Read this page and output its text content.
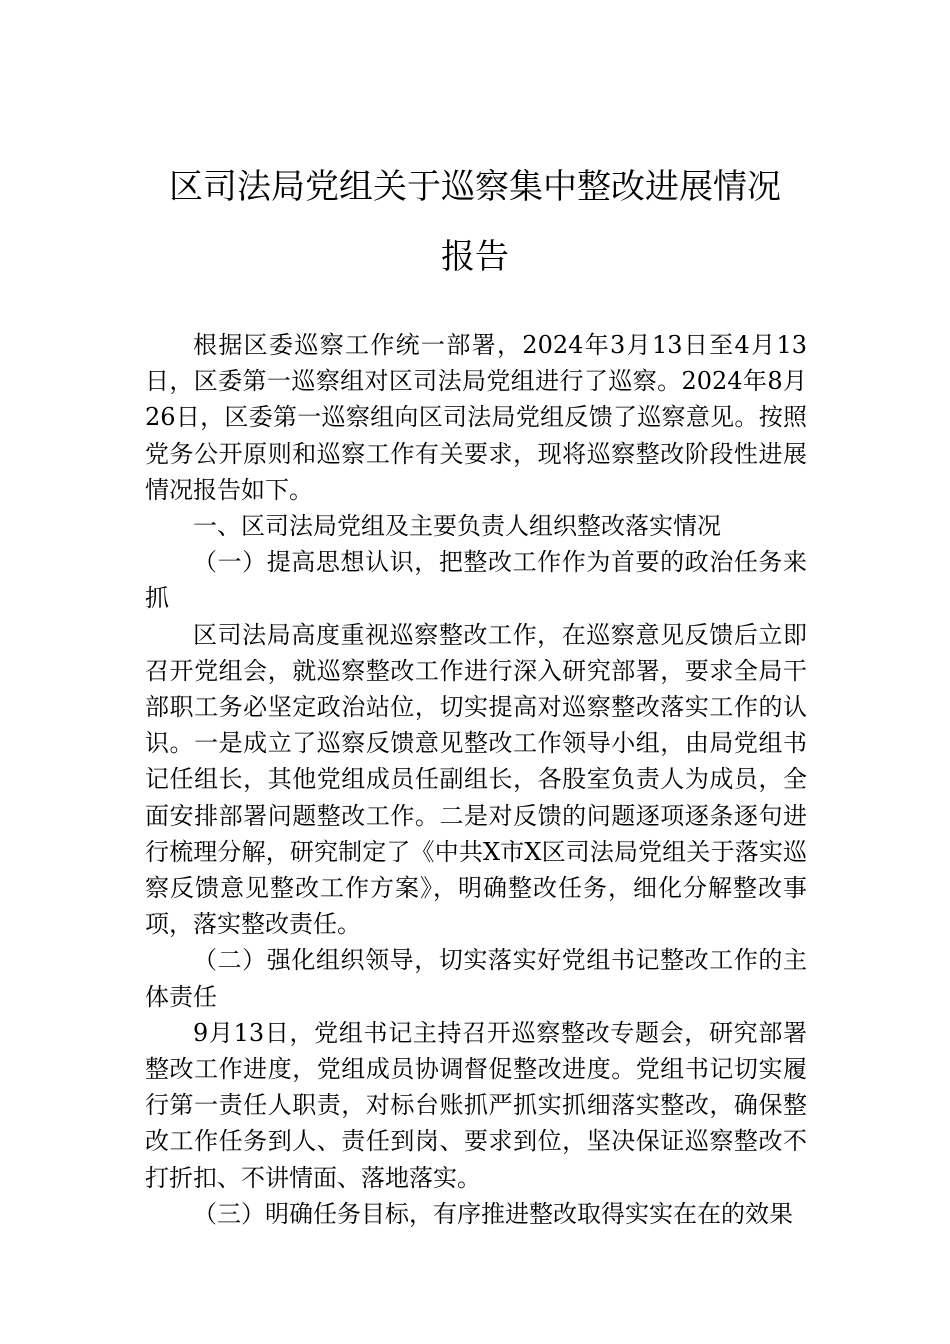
区司法局党组关于巡察集中整改进展情况
报告

根据区委巡察工作统一部署，2024年3月13日至4月13日，区委第一巡察组对区司法局党组进行了巡察。2024年8月26日，区委第一巡察组向区司法局党组反馈了巡察意见。按照党务公开原则和巡察工作有关要求，现将巡察整改阶段性进展情况报告如下。

一、区司法局党组及主要负责人组织整改落实情况

（一）提高思想认识，把整改工作作为首要的政治任务来抓

区司法局高度重视巡察整改工作，在巡察意见反馈后立即召开党组会，就巡察整改工作进行深入研究部署，要求全局干部职工务必坚定政治站位，切实提高对巡察整改落实工作的认识。一是成立了巡察反馈意见整改工作领导小组，由局党组书记任组长，其他党组成员任副组长，各股室负责人为成员，全面安排部署问题整改工作。二是对反馈的问题逐项逐条逐句进行梳理分解，研究制定了《中共X市X区司法局党组关于落实巡察反馈意见整改工作方案》，明确整改任务，细化分解整改事项，落实整改责任。

（二）强化组织领导，切实落实好党组书记整改工作的主体责任

9月13日，党组书记主持召开巡察整改专题会，研究部署整改工作进度，党组成员协调督促整改进度。党组书记切实履行第一责任人职责，对标台账抓严抓实抓细落实整改，确保整改工作任务到人、责任到岗、要求到位，坚决保证巡察整改不打折扣、不讲情面、落地落实。

（三）明确任务目标，有序推进整改取得实实在在的效果
